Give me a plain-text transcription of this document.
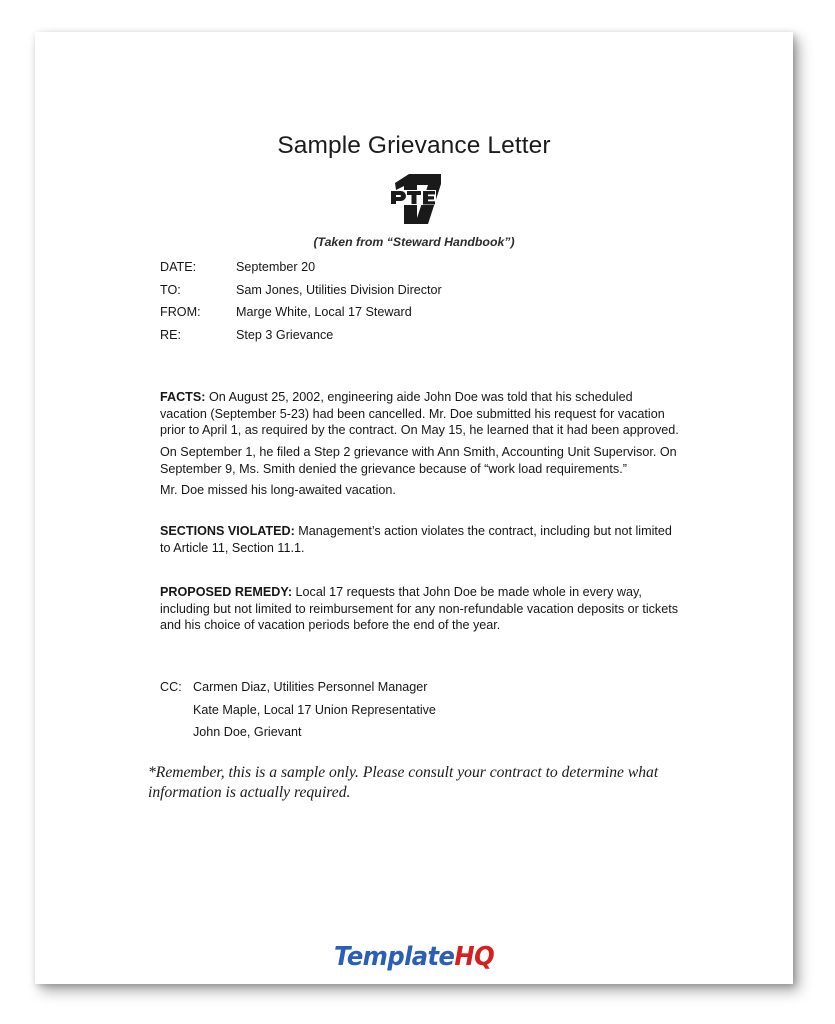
Sample Grievance Letter
(Taken from “Steward Handbook”)
DATE:	September 20
TO:	Sam Jones, Utilities Division Director
FROM:	Marge White, Local 17 Steward
RE:	Step 3 Grievance
FACTS: On August 25, 2002, engineering aide John Doe was told that his scheduled vacation (September 5-23) had been cancelled. Mr. Doe submitted his request for vacation prior to April 1, as required by the contract. On May 15, he learned that it had been approved.
On September 1, he filed a Step 2 grievance with Ann Smith, Accounting Unit Supervisor. On September 9, Ms. Smith denied the grievance because of “work load requirements.”
Mr. Doe missed his long-awaited vacation.
SECTIONS VIOLATED: Management’s action violates the contract, including but not limited to Article 11, Section 11.1.
PROPOSED REMEDY: Local 17 requests that John Doe be made whole in every way, including but not limited to reimbursement for any non-refundable vacation deposits or tickets and his choice of vacation periods before the end of the year.
CC: Carmen Diaz, Utilities Personnel Manager
Kate Maple, Local 17 Union Representative
John Doe, Grievant
*Remember, this is a sample only. Please consult your contract to determine what information is actually required.
TemplateHQ
